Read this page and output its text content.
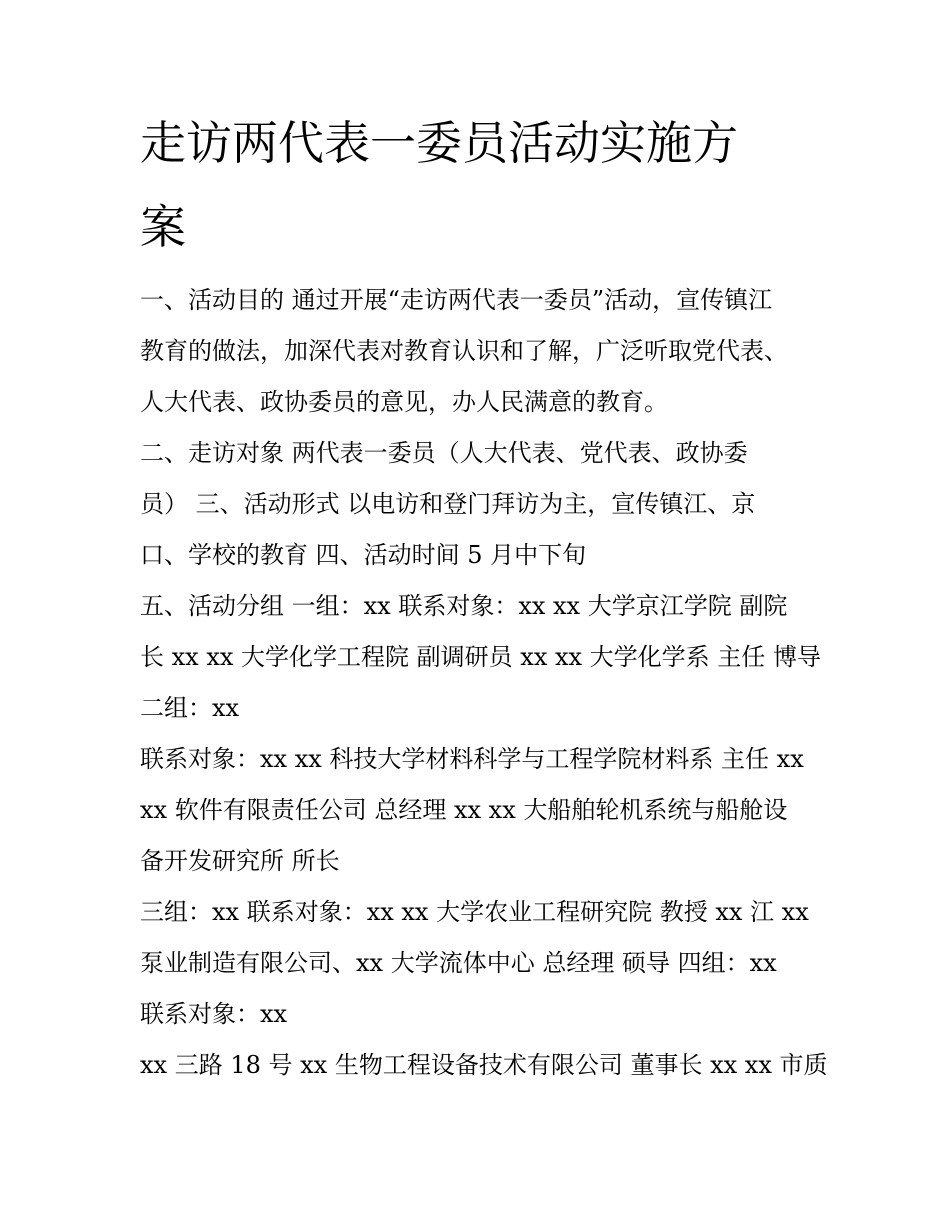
走访两代表一委员活动实施方
案

一、活动目的 通过开展“走访两代表一委员”活动，宣传镇江

教育的做法，加深代表对教育认识和了解，广泛听取党代表、

人大代表、政协委员的意见，办人民满意的教育。

二、走访对象 两代表一委员（人大代表、党代表、政协委

员） 三、活动形式 以电访和登门拜访为主，宣传镇江、京

口、学校的教育 四、活动时间 5 月中下旬

五、活动分组 一组：xx 联系对象：xx xx 大学京江学院 副院

长 xx xx 大学化学工程院 副调研员 xx xx 大学化学系 主任 博导

二组：xx

联系对象：xx xx 科技大学材料科学与工程学院材料系 主任 xx

xx 软件有限责任公司 总经理 xx xx 大船舶轮机系统与船舱设

备开发研究所 所长

三组：xx 联系对象：xx xx 大学农业工程研究院 教授 xx 江 xx

泵业制造有限公司、xx 大学流体中心 总经理 硕导 四组：xx

联系对象：xx

xx 三路 18 号 xx 生物工程设备技术有限公司 董事长 xx xx 市质
